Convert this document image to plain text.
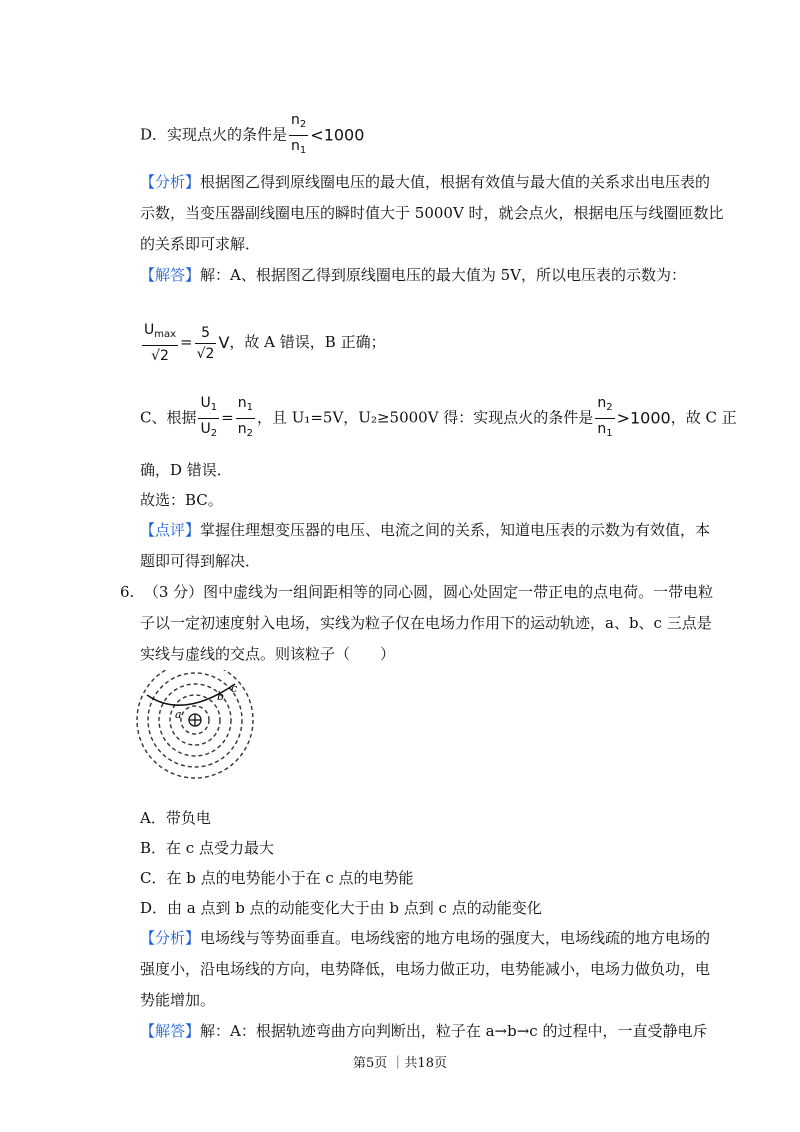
D．实现点火的条件是 $\frac{n_2}{n_1} <1000$
【分析】根据图乙得到原线圈电压的最大值，根据有效值与最大值的关系求出电压表的
示数，当变压器副线圈电压的瞬时值大于 5000V 时，就会点火，根据电压与线圈匝数比
的关系即可求解．
【解答】解：A、根据图乙得到原线圈电压的最大值为 5V，所以电压表的示数为：
$\frac{U_{max}}{√2} = \frac{5}{√2}$ V，故 A 错误，B 正确；
C、根据 $\frac{U_1}{U_2} = \frac{n_1}{n_2}$ ，且 U₁=5V，U₂≥5000V 得：实现点火的条件是 $\frac{n_2}{n_1} >1000$，故 C 正
确，D 错误．
故选：BC。
【点评】掌握住理想变压器的电压、电流之间的关系，知道电压表的示数为有效值，本
题即可得到解决．
6. （3 分）图中虚线为一组间距相等的同心圆，圆心处固定一带正电的点电荷。一带电粒
子以一定初速度射入电场，实线为粒子仅在电场力作用下的运动轨迹，a、b、c 三点是
实线与虚线的交点。则该粒子（　　）
a
b
c
A．带负电
B．在 c 点受力最大
C．在 b 点的电势能小于在 c 点的电势能
D．由 a 点到 b 点的动能变化大于由 b 点到 c 点的动能变化
【分析】电场线与等势面垂直。电场线密的地方电场的强度大，电场线疏的地方电场的
强度小，沿电场线的方向，电势降低，电场力做正功，电势能减小，电场力做负功，电
势能增加。
【解答】解：A：根据轨迹弯曲方向判断出，粒子在 a→b→c 的过程中，一直受静电斥
第5页 ｜共18页
